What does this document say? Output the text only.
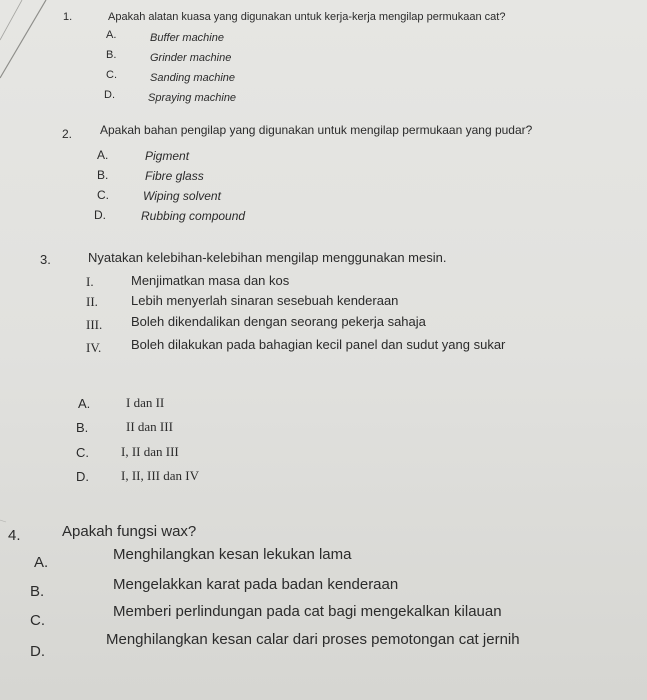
1.	Apakah alatan kuasa yang digunakan untuk kerja-kerja mengilap permukaan cat?
A.	Buffer machine
B.	Grinder machine
C.	Sanding machine
D.	Spraying machine
2. Apakah bahan pengilap yang digunakan untuk mengilap permukaan yang pudar?
A.	Pigment
B.	Fibre glass
C.	Wiping solvent
D.	Rubbing compound
3.	Nyatakan kelebihan-kelebihan mengilap menggunakan mesin.
I.	Menjimatkan masa dan kos
II.	Lebih menyerlah sinaran sesebuah kenderaan
III. Boleh dikendalikan dengan seorang pekerja sahaja
IV. Boleh dilakukan pada bahagian kecil panel dan sudut yang sukar
A.	I dan II
B.	II dan III
C. I, II dan III
D. I, II, III dan IV
4.	Apakah fungsi wax?
A.	Menghilangkan kesan lekukan lama
B.	Mengelakkan karat pada badan kenderaan
C.
Memberi perlindungan pada cat bagi mengekalkan kilauan
D.
Menghilangkan kesan calar dari proses pemotongan cat jernih
